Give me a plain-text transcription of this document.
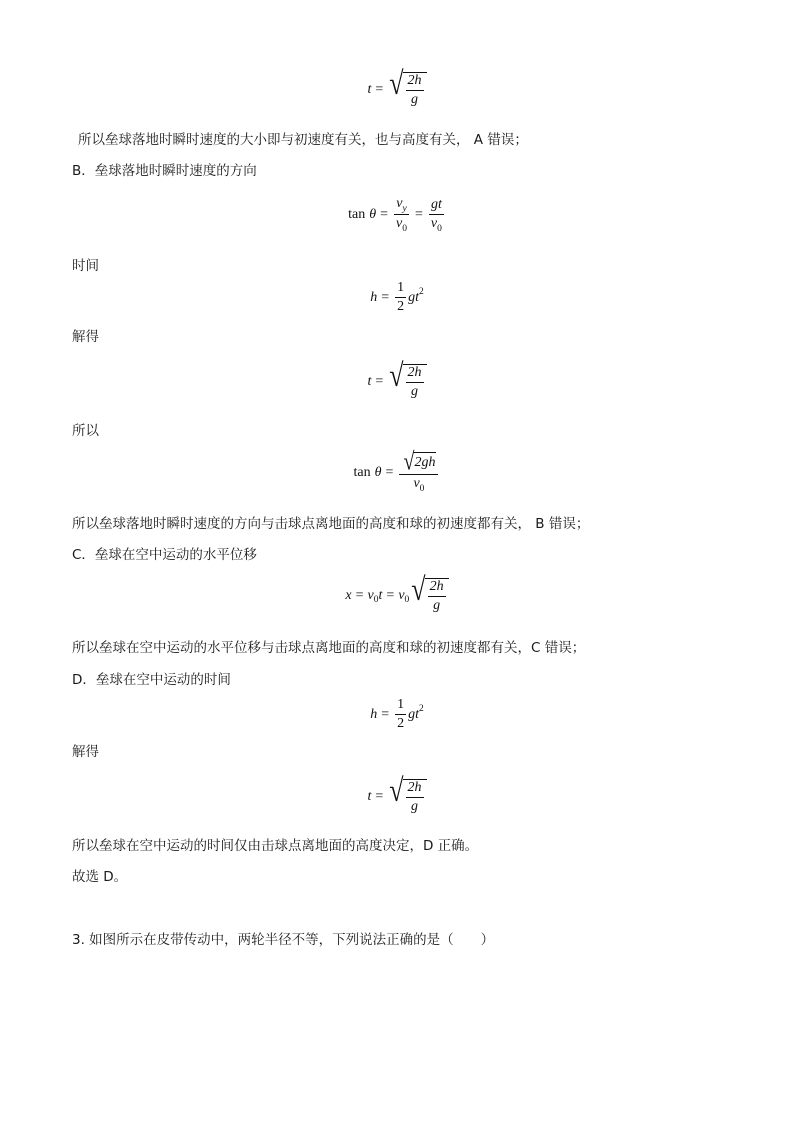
t = √ $\frac{2h}{g}$
所以垒球落地时瞬时速度的大小即与初速度有关，也与高度有关， A 错误；
B．垒球落地时瞬时速度的方向
$\tan \theta = \frac{v_y}{v_0} = \frac{gt}{v_0}$
时间
$h = \frac{1}{2}$ gt 2
解得
t = √ $\frac{2h}{g}$
所以
$\tan \theta = \frac{√ 2gh}{v_0}$
所以垒球落地时瞬时速度的方向与击球点离地面的高度和球的初速度都有关， B 错误；
C．垒球在空中运动的水平位移
x = v 0 t = v 0 √ $\frac{2h}{g}$
所以垒球在空中运动的水平位移与击球点离地面的高度和球的初速度都有关，C 错误；
D．垒球在空中运动的时间
$h = \frac{1}{2}$ gt 2
解得
t = √ $\frac{2h}{g}$
所以垒球在空中运动的时间仅由击球点离地面的高度决定，D 正确。
故选 D。
3. 如图所示在皮带传动中，两轮半径不等，下列说法正确的是（　　）
